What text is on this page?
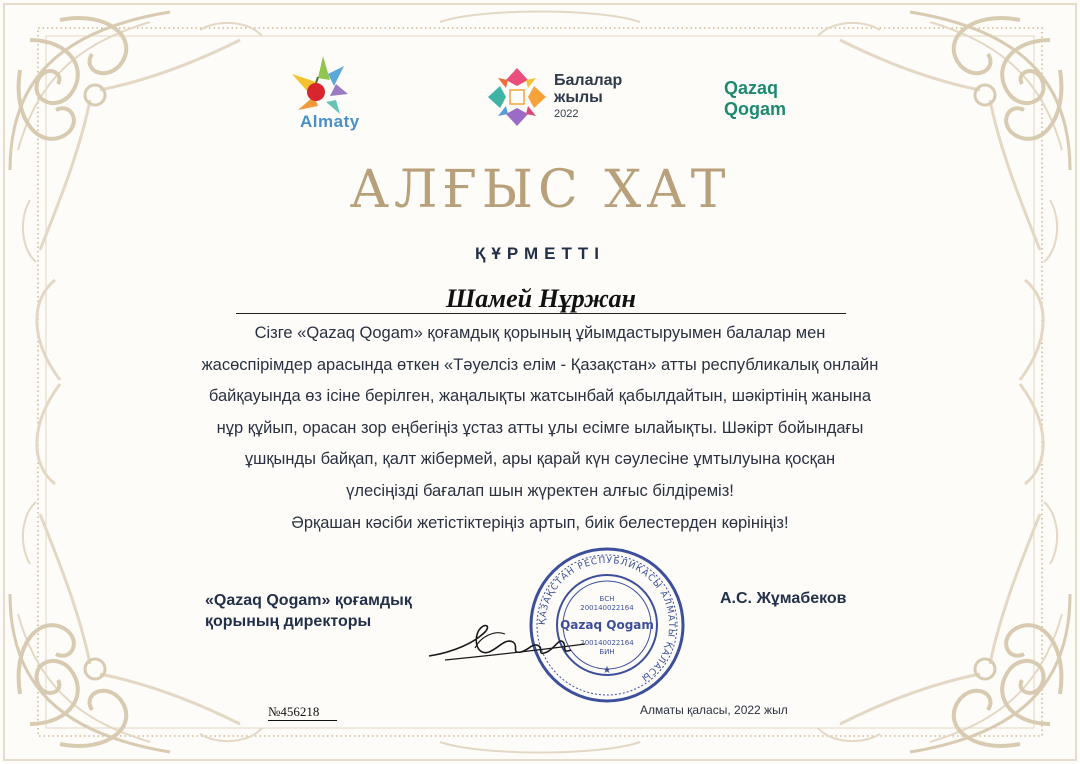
Almaty
Балалар
жылы
2022
Qazaq
Qogam
АЛҒЫС ХАТ
ҚҰРМЕТТІ
Шамей Нұржан
Сізге «Qazaq Qogam» қоғамдық қорының ұйымдастыруымен балалар мен
жасөспірімдер арасында өткен «Тәуелсіз елім - Қазақстан» атты республикалық онлайн
байқауында өз ісіне берілген, жаңалықты жатсынбай қабылдайтын, шәкіртінің жанына
нұр құйып, орасан зор еңбегіңіз ұстаз атты ұлы есімге ылайықты. Шәкірт бойындағы
ұшқынды байқап, қалт жібермей, ары қарай күн сәулесіне ұмтылуына қосқан
үлесіңізді бағалап шын жүректен алғыс білдіреміз!
Әрқашан кәсіби жетістіктеріңіз артып, биік белестерден көрініңіз!
«Qazaq Qogam» қоғамдық
қорының директоры
А.С. Жұмабеков
ҚАЗАҚСТАН РЕСПУБЛИКАСЫ АЛМАТЫ ҚАЛАСЫ
БСН
200140022164
Qazaq Qogam
200140022164
БИН
★
№456218	Алматы қаласы, 2022 жыл
